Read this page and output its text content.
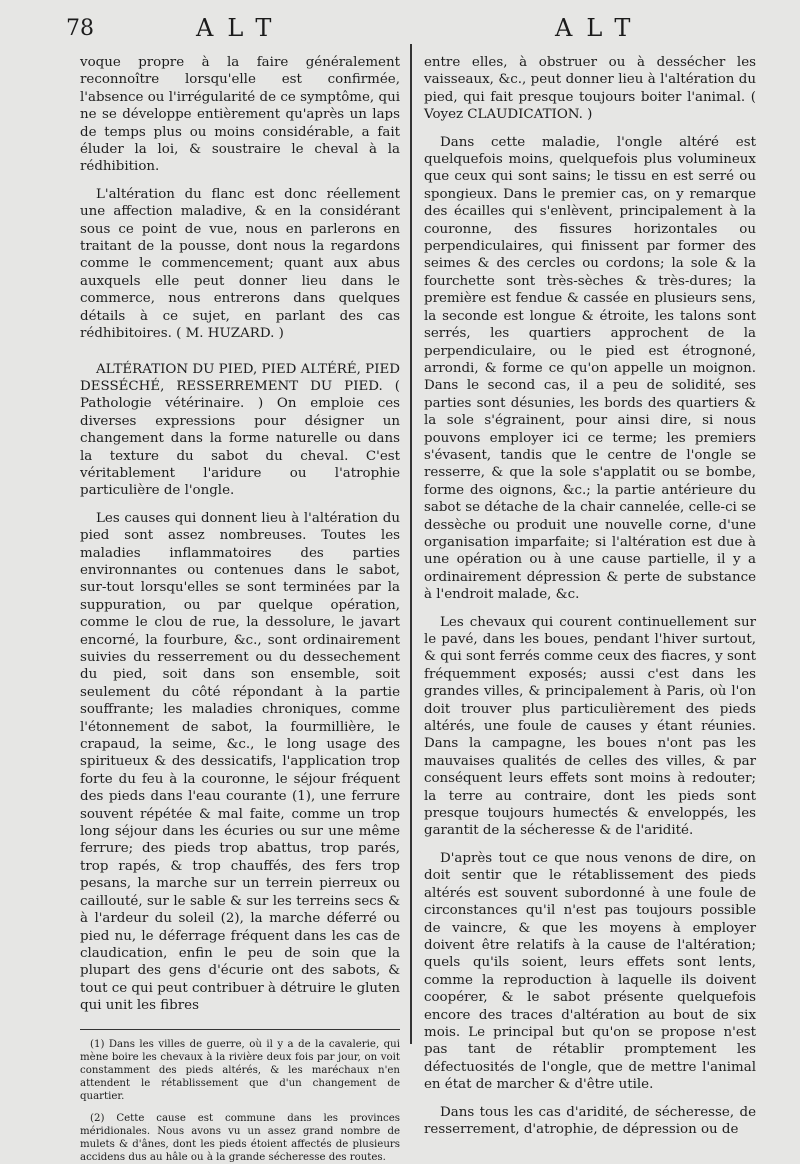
78	ALT	ALT

voque propre à la faire généralement reconnoître lorsqu'elle est confirmée, l'absence ou l'irrégularité de ce symptôme, qui ne se développe entièrement qu'après un laps de temps plus ou moins considérable, a fait éluder la loi, & soustraire le cheval à la rédhibition.

L'altération du flanc est donc réellement une affection maladive, & en la considérant sous ce point de vue, nous en parlerons en traitant de la pousse, dont nous la regardons comme le commencement; quant aux abus auxquels elle peut donner lieu dans le commerce, nous entrerons dans quelques détails à ce sujet, en parlant des cas rédhibitoires. ( M. HUZARD. )

ALTÉRATION DU PIED, PIED ALTÉRÉ, PIED DESSÉCHÉ, RESSERREMENT DU PIED. ( Pathologie vétérinaire. ) On emploie ces diverses expressions pour désigner un changement dans la forme naturelle ou dans la texture du sabot du cheval. C'est véritablement l'aridure ou l'atrophie particulière de l'ongle.

Les causes qui donnent lieu à l'altération du pied sont assez nombreuses. Toutes les maladies inflammatoires des parties environnantes ou contenues dans le sabot, sur-tout lorsqu'elles se sont terminées par la suppuration, ou par quelque opération, comme le clou de rue, la dessolure, le javart encorné, la fourbure, &c., sont ordinairement suivies du resserrement ou du dessechement du pied, soit dans son ensemble, soit seulement du côté répondant à la partie souffrante; les maladies chroniques, comme l'étonnement de sabot, la fourmillière, le crapaud, la seime, &c., le long usage des spiritueux & des dessicatifs, l'application trop forte du feu à la couronne, le séjour fréquent des pieds dans l'eau courante (1), une ferrure souvent répétée & mal faite, comme un trop long séjour dans les écuries ou sur une même ferrure; des pieds trop abattus, trop parés, trop rapés, & trop chauffés, des fers trop pesans, la marche sur un terrein pierreux ou caillouté, sur le sable & sur les terreins secs & à l'ardeur du soleil (2), la marche déferré ou pied nu, le déferrage fréquent dans les cas de claudication, enfin le peu de soin que la plupart des gens d'écurie ont des sabots, & tout ce qui peut contribuer à détruire le gluten qui unit les fibres

(1) Dans les villes de guerre, où il y a de la cavalerie, qui mène boire les chevaux à la rivière deux fois par jour, on voit constamment des pieds altérés, & les maréchaux n'en attendent le rétablissement que d'un changement de quartier.

(2) Cette cause est commune dans les provinces méridionales. Nous avons vu un assez grand nombre de mulets & d'ânes, dont les pieds étoient affectés de plusieurs accidens dus au hâle ou à la grande sécheresse des routes.

entre elles, à obstruer ou à dessécher les vaisseaux, &c., peut donner lieu à l'altération du pied, qui fait presque toujours boiter l'animal. ( Voyez CLAUDICATION. )

Dans cette maladie, l'ongle altéré est quelquefois moins, quelquefois plus volumineux que ceux qui sont sains; le tissu en est serré ou spongieux. Dans le premier cas, on y remarque des écailles qui s'enlèvent, principalement à la couronne, des fissures horizontales ou perpendiculaires, qui finissent par former des seimes & des cercles ou cordons; la sole & la fourchette sont très-sèches & très-dures; la première est fendue & cassée en plusieurs sens, la seconde est longue & étroite, les talons sont serrés, les quartiers approchent de la perpendiculaire, ou le pied est étrognoné, arrondi, & forme ce qu'on appelle un moignon. Dans le second cas, il a peu de solidité, ses parties sont désunies, les bords des quartiers & la sole s'égrainent, pour ainsi dire, si nous pouvons employer ici ce terme; les premiers s'évasent, tandis que le centre de l'ongle se resserre, & que la sole s'applatit ou se bombe, forme des oignons, &c.; la partie antérieure du sabot se détache de la chair cannelée, celle-ci se dessèche ou produit une nouvelle corne, d'une organisation imparfaite; si l'altération est due à une opération ou à une cause partielle, il y a ordinairement dépression & perte de substance à l'endroit malade, &c.

Les chevaux qui courent continuellement sur le pavé, dans les boues, pendant l'hiver surtout, & qui sont ferrés comme ceux des fiacres, y sont fréquemment exposés; aussi c'est dans les grandes villes, & principalement à Paris, où l'on doit trouver plus particulièrement des pieds altérés, une foule de causes y étant réunies. Dans la campagne, les boues n'ont pas les mauvaises qualités de celles des villes, & par conséquent leurs effets sont moins à redouter; la terre au contraire, dont les pieds sont presque toujours humectés & enveloppés, les garantit de la sécheresse & de l'aridité.

D'après tout ce que nous venons de dire, on doit sentir que le rétablissement des pieds altérés est souvent subordonné à une foule de circonstances qu'il n'est pas toujours possible de vaincre, & que les moyens à employer doivent être relatifs à la cause de l'altération; quels qu'ils soient, leurs effets sont lents, comme la reproduction à laquelle ils doivent coopérer, & le sabot présente quelquefois encore des traces d'altération au bout de six mois. Le principal but qu'on se propose n'est pas tant de rétablir promptement les défectuosités de l'ongle, que de mettre l'animal en état de marcher & d'être utile.

Dans tous les cas d'aridité, de sécheresse, de resserrement, d'atrophie, de dépression ou de
